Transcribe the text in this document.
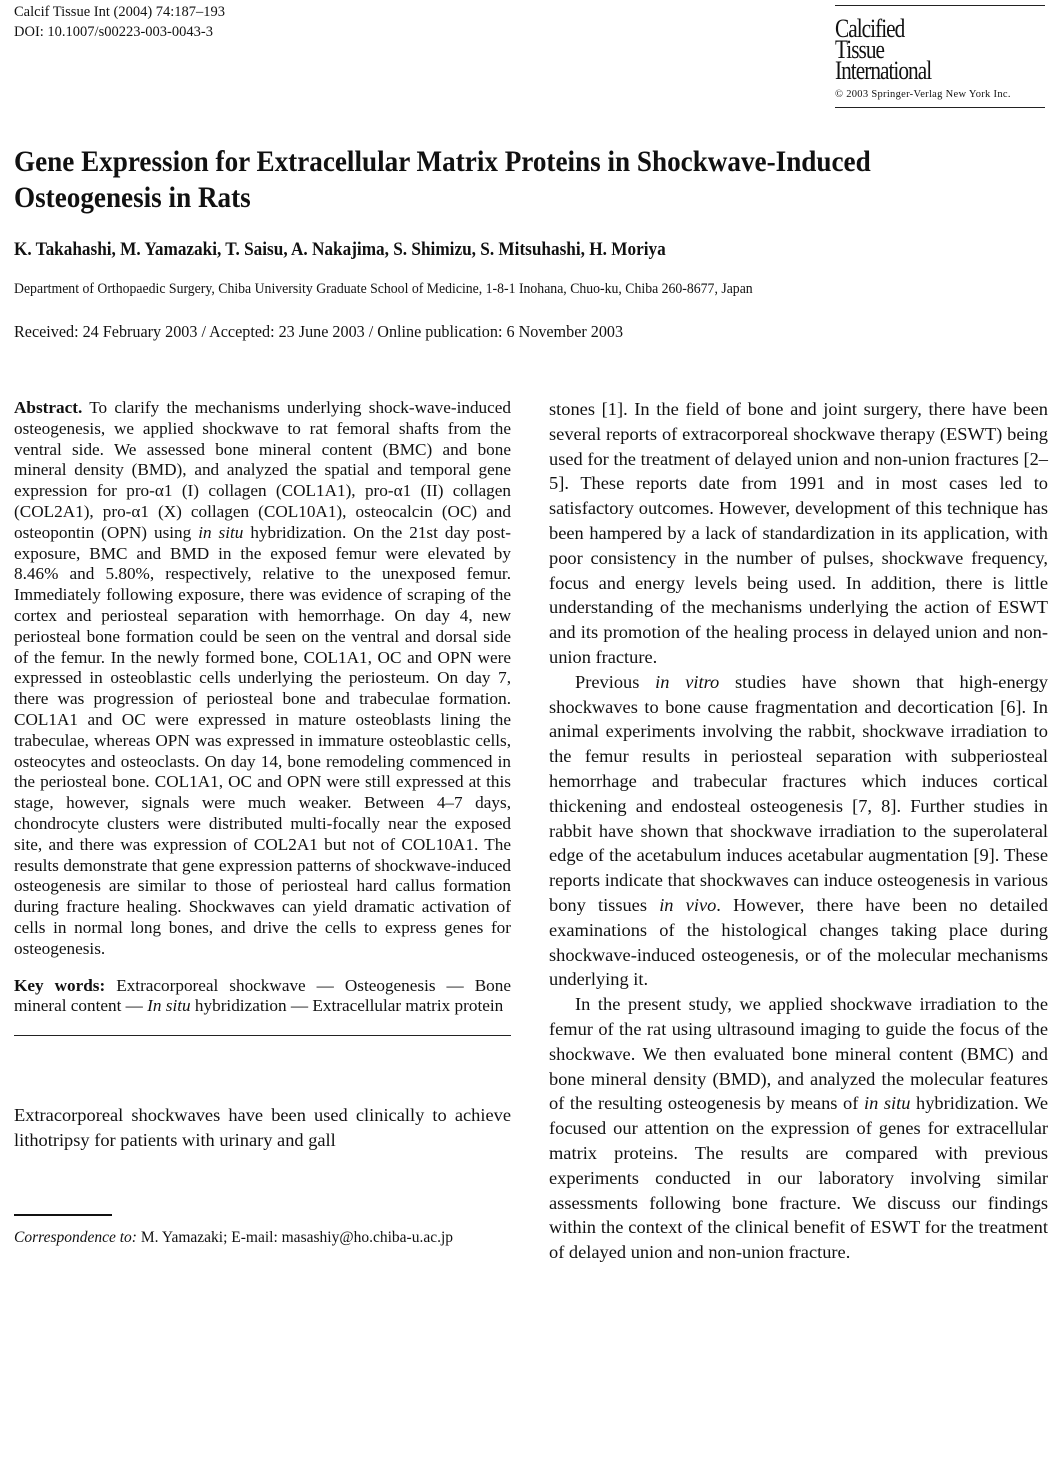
Calcif Tissue Int (2004) 74:187–193
DOI: 10.1007/s00223-003-0043-3	Calcified
Tissue
International
© 2003 Springer-Verlag New York Inc.
Gene Expression for Extracellular Matrix Proteins in Shockwave-Induced Osteogenesis in Rats
K. Takahashi, M. Yamazaki, T. Saisu, A. Nakajima, S. Shimizu, S. Mitsuhashi, H. Moriya
Department of Orthopaedic Surgery, Chiba University Graduate School of Medicine, 1-8-1 Inohana, Chuo-ku, Chiba 260-8677, Japan
Received: 24 February 2003 / Accepted: 23 June 2003 / Online publication: 6 November 2003
Abstract. To clarify the mechanisms underlying shock-wave-induced osteogenesis, we applied shockwave to rat femoral shafts from the ventral side. We assessed bone mineral content (BMC) and bone mineral density (BMD), and analyzed the spatial and temporal gene expression for pro-α1 (I) collagen (COL1A1), pro-α1 (II) collagen (COL2A1), pro-α1 (X) collagen (COL10A1), osteocalcin (OC) and osteopontin (OPN) using in situ hybridization. On the 21st day post-exposure, BMC and BMD in the exposed femur were elevated by 8.46% and 5.80%, respectively, relative to the unexposed femur. Immediately following exposure, there was evidence of scraping of the cortex and periosteal separation with hemorrhage. On day 4, new periosteal bone formation could be seen on the ventral and dorsal side of the femur. In the newly formed bone, COL1A1, OC and OPN were expressed in osteoblastic cells underlying the periosteum. On day 7, there was progression of periosteal bone and trabeculae formation. COL1A1 and OC were expressed in mature osteoblasts lining the trabeculae, whereas OPN was expressed in immature osteoblastic cells, osteocytes and osteoclasts. On day 14, bone remodeling commenced in the periosteal bone. COL1A1, OC and OPN were still expressed at this stage, however, signals were much weaker. Between 4–7 days, chondrocyte clusters were distributed multi-focally near the exposed site, and there was expression of COL2A1 but not of COL10A1. The results demonstrate that gene expression patterns of shockwave-induced osteogenesis are similar to those of periosteal hard callus formation during fracture healing. Shockwaves can yield dramatic activation of cells in normal long bones, and drive the cells to express genes for osteogenesis.
Key words: Extracorporeal shockwave — Osteogenesis — Bone mineral content — In situ hybridization — Extracellular matrix protein
Extracorporeal shockwaves have been used clinically to achieve lithotripsy for patients with urinary and gall
Correspondence to: M. Yamazaki; E-mail: masashiy@ho.chiba-u.ac.jp

stones [1]. In the field of bone and joint surgery, there have been several reports of extracorporeal shockwave therapy (ESWT) being used for the treatment of delayed union and non-union fractures [2–5]. These reports date from 1991 and in most cases led to satisfactory outcomes. However, development of this technique has been hampered by a lack of standardization in its application, with poor consistency in the number of pulses, shockwave frequency, focus and energy levels being used. In addition, there is little understanding of the mechanisms underlying the action of ESWT and its promotion of the healing process in delayed union and non-union fracture.

Previous in vitro studies have shown that high-energy shockwaves to bone cause fragmentation and decortication [6]. In animal experiments involving the rabbit, shockwave irradiation to the femur results in periosteal separation with subperiosteal hemorrhage and trabecular fractures which induces cortical thickening and endosteal osteogenesis [7, 8]. Further studies in rabbit have shown that shockwave irradiation to the superolateral edge of the acetabulum induces acetabular augmentation [9]. These reports indicate that shockwaves can induce osteogenesis in various bony tissues in vivo. However, there have been no detailed examinations of the histological changes taking place during shockwave-induced osteogenesis, or of the molecular mechanisms underlying it.

In the present study, we applied shockwave irradiation to the femur of the rat using ultrasound imaging to guide the focus of the shockwave. We then evaluated bone mineral content (BMC) and bone mineral density (BMD), and analyzed the molecular features of the resulting osteogenesis by means of in situ hybridization. We focused our attention on the expression of genes for extracellular matrix proteins. The results are compared with previous experiments conducted in our laboratory involving similar assessments following bone fracture. We discuss our findings within the context of the clinical benefit of ESWT for the treatment of delayed union and non-union fracture.
